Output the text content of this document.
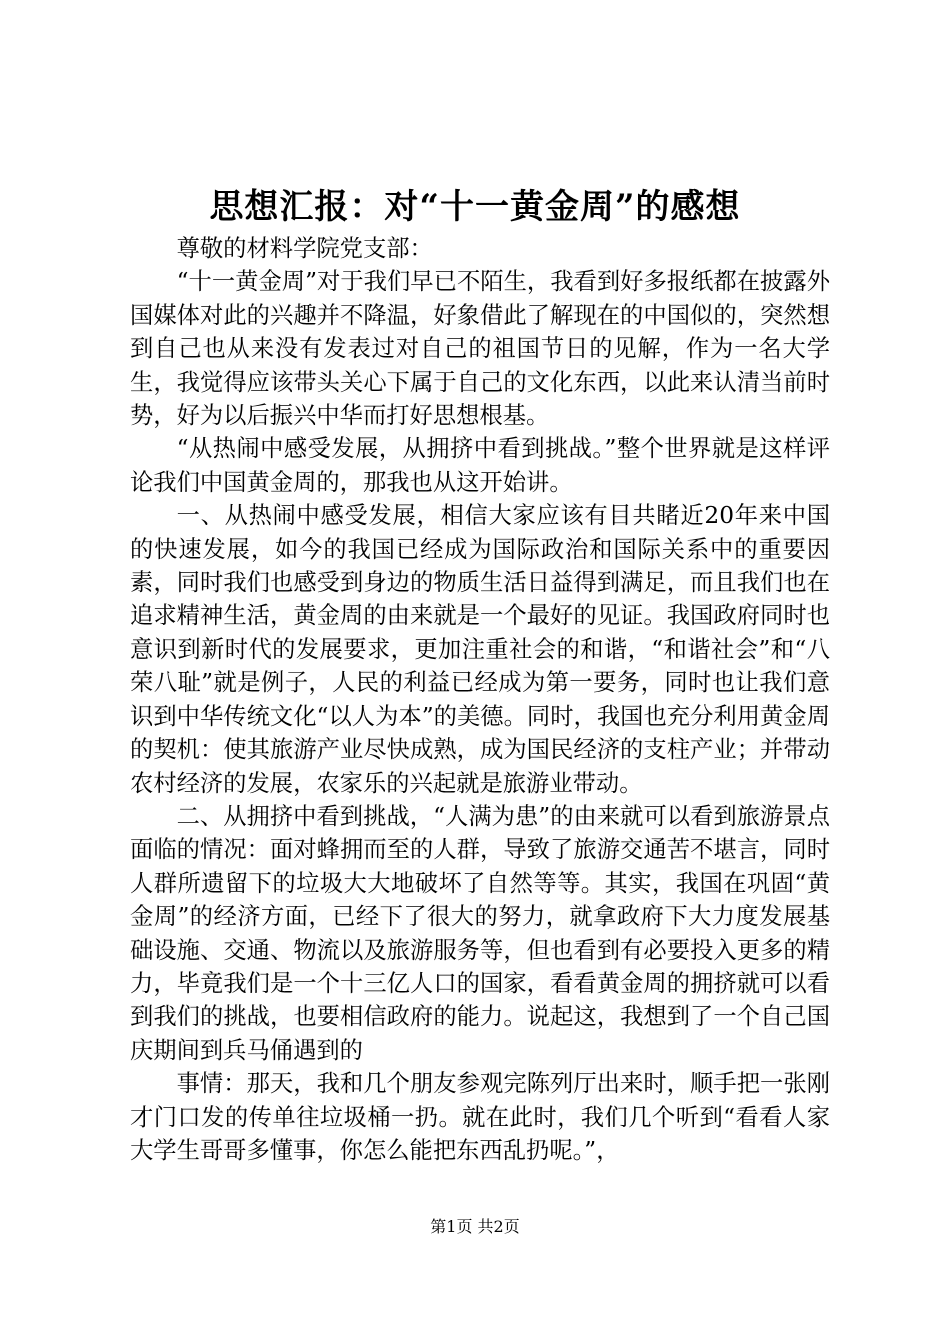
思想汇报：对“十一黄金周”的感想

尊敬的材料学院党支部：

“十一黄金周”对于我们早已不陌生，我看到好多报纸都在披露外国媒体对此的兴趣并不降温，好象借此了解现在的中国似的，突然想到自己也从来没有发表过对自己的祖国节日的见解，作为一名大学生，我觉得应该带头关心下属于自己的文化东西，以此来认清当前时势，好为以后振兴中华而打好思想根基。

“从热闹中感受发展，从拥挤中看到挑战。”整个世界就是这样评论我们中国黄金周的，那我也从这开始讲。

一、从热闹中感受发展，相信大家应该有目共睹近20年来中国的快速发展，如今的我国已经成为国际政治和国际关系中的重要因素，同时我们也感受到身边的物质生活日益得到满足，而且我们也在追求精神生活，黄金周的由来就是一个最好的见证。我国政府同时也意识到新时代的发展要求，更加注重社会的和谐，“和谐社会”和“八荣八耻”就是例子，人民的利益已经成为第一要务，同时也让我们意识到中华传统文化“以人为本”的美德。同时，我国也充分利用黄金周的契机：使其旅游产业尽快成熟，成为国民经济的支柱产业；并带动农村经济的发展，农家乐的兴起就是旅游业带动。

二、从拥挤中看到挑战，“人满为患”的由来就可以看到旅游景点面临的情况：面对蜂拥而至的人群，导致了旅游交通苦不堪言，同时人群所遗留下的垃圾大大地破坏了自然等等。其实，我国在巩固“黄金周”的经济方面，已经下了很大的努力，就拿政府下大力度发展基础设施、交通、物流以及旅游服务等，但也看到有必要投入更多的精力，毕竟我们是一个十三亿人口的国家，看看黄金周的拥挤就可以看到我们的挑战，也要相信政府的能力。说起这，我想到了一个自己国庆期间到兵马俑遇到的

事情：那天，我和几个朋友参观完陈列厅出来时，顺手把一张刚才门口发的传单往垃圾桶一扔。就在此时，我们几个听到“看看人家大学生哥哥多懂事，你怎么能把东西乱扔呢。”，

第1页 共2页
